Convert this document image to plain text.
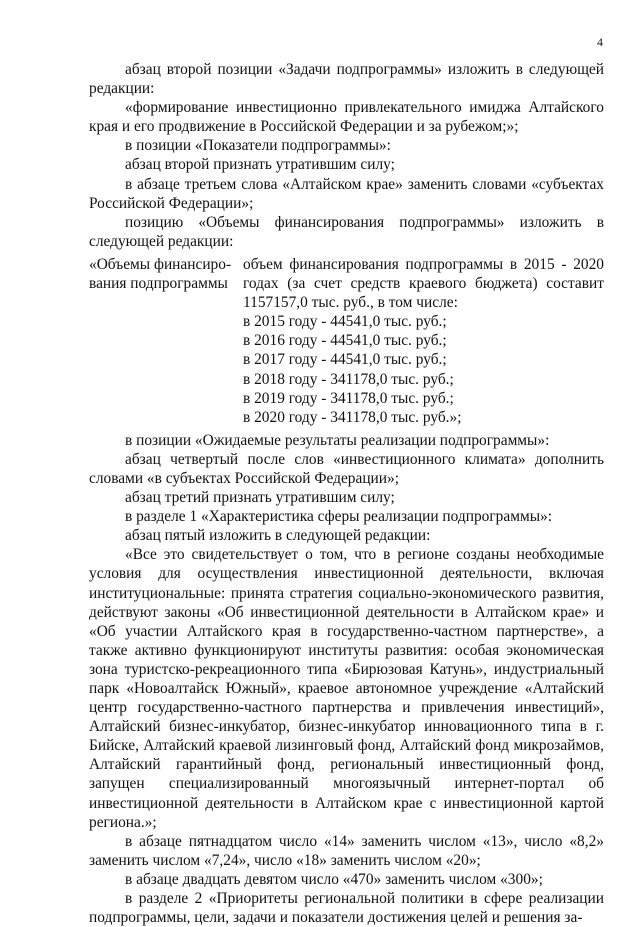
4

абзац второй позиции «Задачи подпрограммы» изложить в следующей редакции:

«формирование инвестиционно привлекательного имиджа Алтайского края и его продвижение в Российской Федерации и за рубежом;»;

в позиции «Показатели подпрограммы»:

абзац второй признать утратившим силу;

в абзаце третьем слова «Алтайском крае» заменить словами «субъектах Российской Федерации»;

позицию «Объемы финансирования подпрограммы» изложить в следующей редакции:

«Объемы финансиро- вания подпрограммы

объем финансирования подпрограммы в 2015 - 2020 годах (за счет средств краевого бюджета) составит 1157157,0 тыс. руб., в том числе:

в 2015 году - 44541,0 тыс. руб.;

в 2016 году - 44541,0 тыс. руб.;

в 2017 году - 44541,0 тыс. руб.;

в 2018 году - 341178,0 тыс. руб.;

в 2019 году - 341178,0 тыс. руб.;

в 2020 году - 341178,0 тыс. руб.»;

в позиции «Ожидаемые результаты реализации подпрограммы»:

абзац четвертый после слов «инвестиционного климата» дополнить словами «в субъектах Российской Федерации»;

абзац третий признать утратившим силу;

в разделе 1 «Характеристика сферы реализации подпрограммы»:

абзац пятый изложить в следующей редакции:

«Все это свидетельствует о том, что в регионе созданы необходимые условия для осуществления инвестиционной деятельности, включая институциональные: принята стратегия социально-экономического развития, действуют законы «Об инвестиционной деятельности в Алтайском крае» и «Об участии Алтайского края в государственно-частном партнерстве», а также активно функционируют институты развития: особая экономическая зона туристско-рекреационного типа «Бирюзовая Катунь», индустриальный парк «Новоалтайск Южный», краевое автономное учреждение «Алтайский центр государственно-частного партнерства и привлечения инвестиций», Алтайский бизнес-инкубатор, бизнес-инкубатор инновационного типа в г. Бийске, Алтайский краевой лизинговый фонд, Алтайский фонд микрозаймов, Алтайский гарантийный фонд, региональный инвестиционный фонд, запущен специализированный многоязычный интернет-портал об инвестиционной деятельности в Алтайском крае с инвестиционной картой региона.»;

в абзаце пятнадцатом число «14» заменить числом «13», число «8,2» заменить числом «7,24», число «18» заменить числом «20»;

в абзаце двадцать девятом число «470» заменить числом «300»;

в разделе 2 «Приоритеты региональной политики в сфере реализации подпрограммы, цели, задачи и показатели достижения целей и решения за-
